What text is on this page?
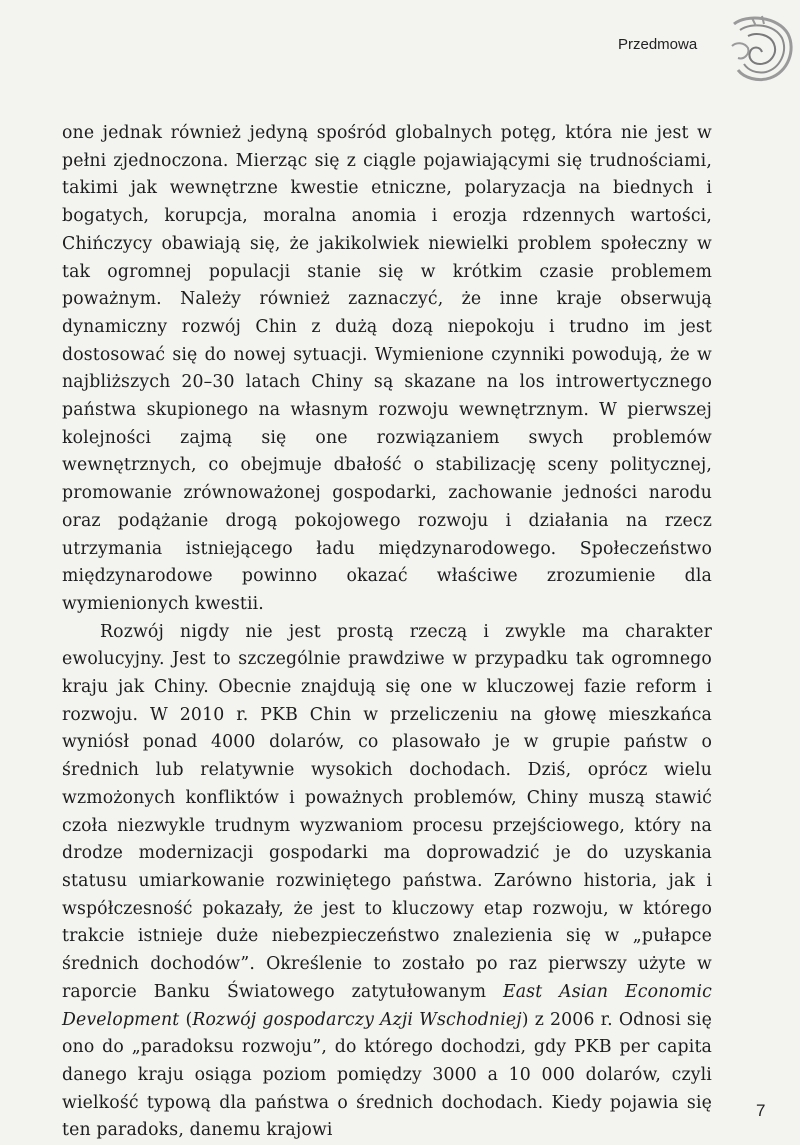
Przedmowa

one jednak również jedyną spośród globalnych potęg, która nie jest w pełni zjednoczona. Mierząc się z ciągle pojawiającymi się trudnościami, takimi jak wewnętrzne kwestie etniczne, polaryzacja na biednych i bogatych, korupcja, moralna anomia i erozja rdzennych wartości, Chińczycy obawiają się, że jakikolwiek niewielki problem społeczny w tak ogromnej populacji stanie się w krótkim czasie problemem poważnym. Należy również zaznaczyć, że inne kraje obserwują dynamiczny rozwój Chin z dużą dozą niepokoju i trudno im jest dostosować się do nowej sytuacji. Wymienione czynniki powodują, że w najbliższych 20–30 latach Chiny są skazane na los introwertycznego państwa skupionego na własnym rozwoju wewnętrznym. W pierwszej kolejności zajmą się one rozwiązaniem swych problemów wewnętrznych, co obejmuje dbałość o stabilizację sceny politycznej, promowanie zrównoważonej gospodarki, zachowanie jedności narodu oraz podążanie drogą pokojowego rozwoju i działania na rzecz utrzymania istniejącego ładu międzynarodowego. Społeczeństwo międzynarodowe powinno okazać właściwe zrozumienie dla wymienionych kwestii.

Rozwój nigdy nie jest prostą rzeczą i zwykle ma charakter ewolucyjny. Jest to szczególnie prawdziwe w przypadku tak ogromnego kraju jak Chiny. Obecnie znajdują się one w kluczowej fazie reform i rozwoju. W 2010 r. PKB Chin w przeliczeniu na głowę mieszkańca wyniósł ponad 4000 dolarów, co plasowało je w grupie państw o średnich lub relatywnie wysokich dochodach. Dziś, oprócz wielu wzmożonych konfliktów i poważnych problemów, Chiny muszą stawić czoła niezwykle trudnym wyzwaniom procesu przejściowego, który na drodze modernizacji gospodarki ma doprowadzić je do uzyskania statusu umiarkowanie rozwiniętego państwa. Zarówno historia, jak i współczesność pokazały, że jest to kluczowy etap rozwoju, w którego trakcie istnieje duże niebezpieczeństwo znalezienia się w „pułapce średnich dochodów”. Określenie to zostało po raz pierwszy użyte w raporcie Banku Światowego zatytułowanym East Asian Economic Development (Rozwój gospodarczy Azji Wschodniej) z 2006 r. Odnosi się ono do „paradoksu rozwoju”, do którego dochodzi, gdy PKB per capita danego kraju osiąga poziom pomiędzy 3000 a 10 000 dolarów, czyli wielkość typową dla państwa o średnich dochodach. Kiedy pojawia się ten paradoks, danemu krajowi

7
